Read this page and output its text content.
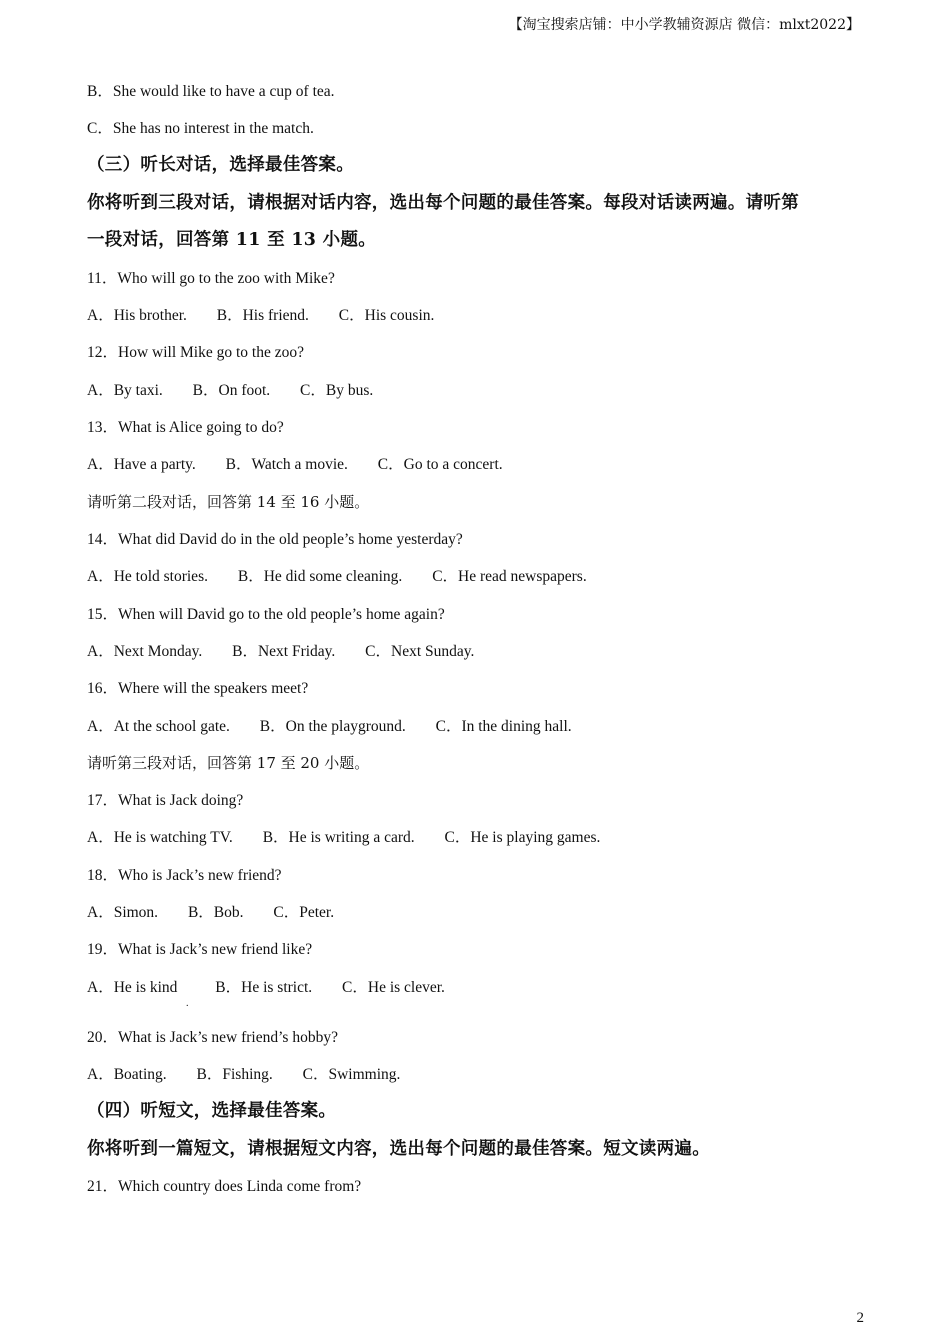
【淘宝搜索店铺：中小学教辅资源店 微信：mlxt2022】
B．She would like to have a cup of tea.
C．She has no interest in the match.
（三）听长对话，选择最佳答案。
你将听到三段对话，请根据对话内容，选出每个问题的最佳答案。每段对话读两遍。请听第
一段对话，回答第 11 至 13 小题。
11．Who will go to the zoo with Mike?
A．His brother. B．His friend. C．His cousin.
12．How will Mike go to the zoo?
A．By taxi. B．On foot. C．By bus.
13．What is Alice going to do?
A．Have a party. B．Watch a movie. C．Go to a concert.
请听第二段对话，回答第 14 至 16 小题。
14．What did David do in the old people’s home yesterday?
A．He told stories. B．He did some cleaning. C．He read newspapers.
15．When will David go to the old people’s home again?
A．Next Monday. B．Next Friday. C．Next Sunday.
16．Where will the speakers meet?
A．At the school gate. B．On the playground. C．In the dining hall.
请听第三段对话，回答第 17 至 20 小题。
17．What is Jack doing?
A．He is watching TV. B．He is writing a card. C．He is playing games.
18．Who is Jack’s new friend?
A．Simon. B．Bob. C．Peter.
19．What is Jack’s new friend like?
A．He is kind B．He is strict. C．He is clever.
.
20．What is Jack’s new friend’s hobby?
A．Boating. B．Fishing. C．Swimming.
（四）听短文，选择最佳答案。
你将听到一篇短文，请根据短文内容，选出每个问题的最佳答案。短文读两遍。
21．Which country does Linda come from?
2
